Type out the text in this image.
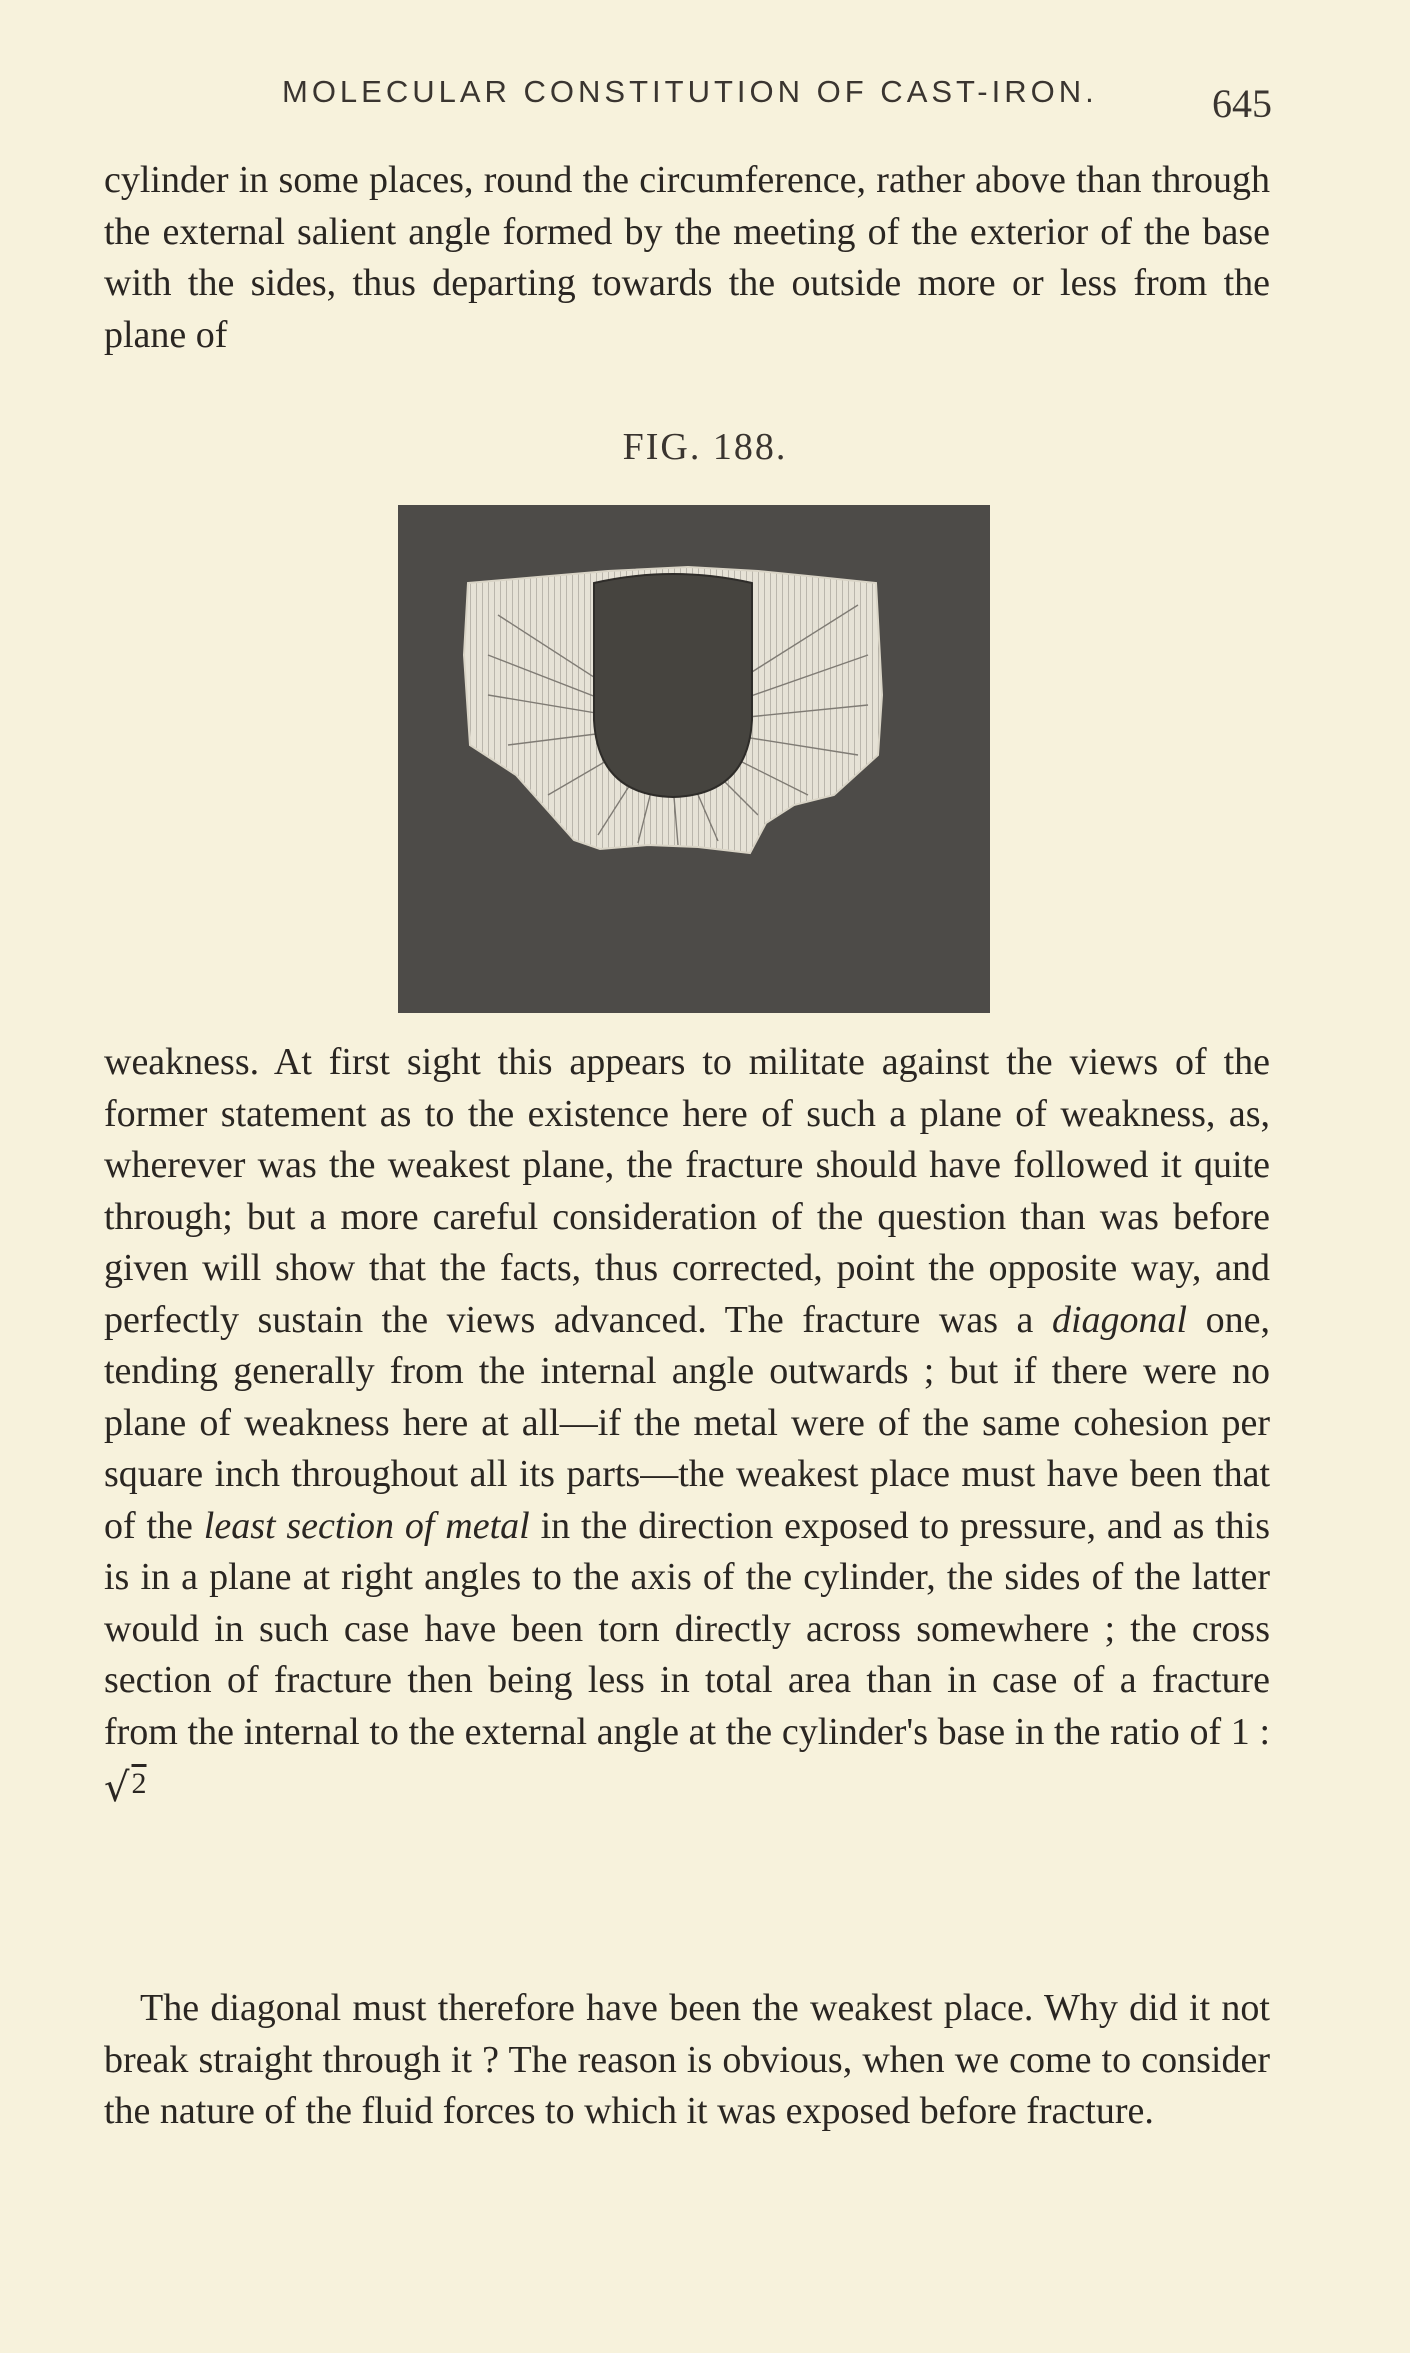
MOLECULAR CONSTITUTION OF CAST-IRON.	645

cylinder in some places, round the circumference, rather above than through the external salient angle formed by the meeting of the exterior of the base with the sides, thus departing towards the outside more or less from the plane of

FIG. 188.

weakness. At first sight this appears to militate against the views of the former statement as to the existence here of such a plane of weakness, as, wherever was the weakest plane, the fracture should have followed it quite through; but a more careful consideration of the question than was before given will show that the facts, thus corrected, point the opposite way, and perfectly sustain the views advanced. The fracture was a diagonal one, tending generally from the internal angle outwards ; but if there were no plane of weakness here at all—if the metal were of the same cohesion per square inch throughout all its parts—the weakest place must have been that of the least section of metal in the direction exposed to pressure, and as this is in a plane at right angles to the axis of the cylinder, the sides of the latter would in such case have been torn directly across somewhere ; the cross section of fracture then being less in total area than in case of a fracture from the internal to the external angle at the cylinder's base in the ratio of 1 : √$^2$

The diagonal must therefore have been the weakest place. Why did it not break straight through it ? The reason is obvious, when we come to consider the nature of the fluid forces to which it was exposed before fracture.
